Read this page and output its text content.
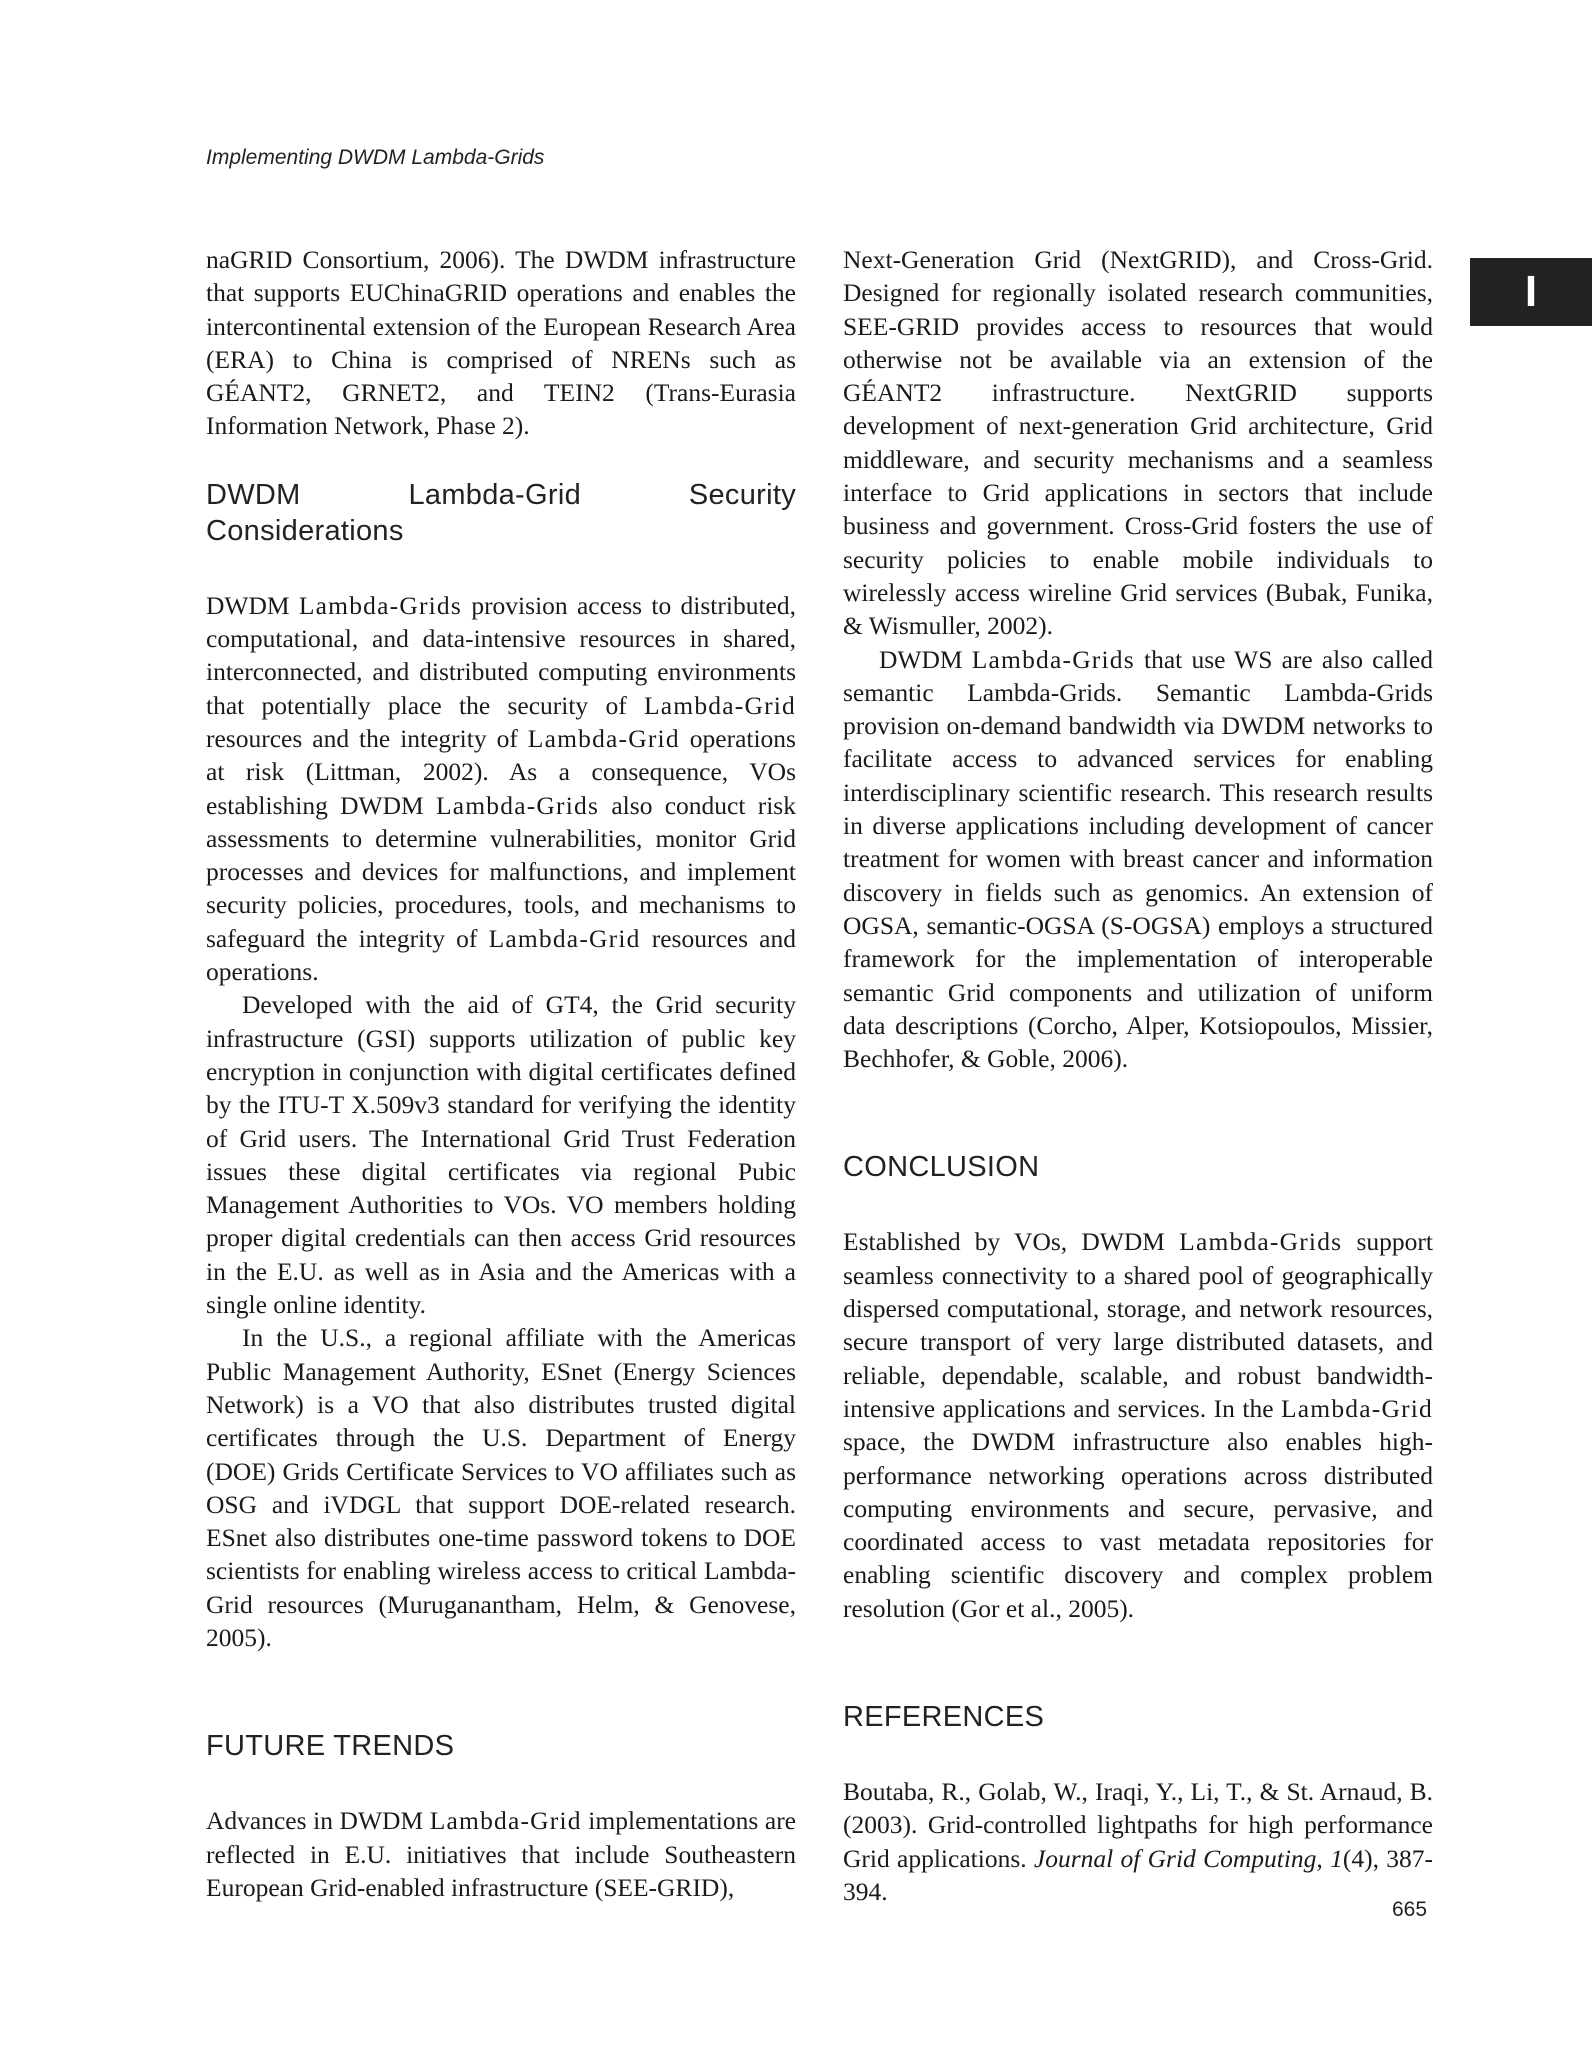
Implementing DWDM Lambda-Grids
I

naGRID Consortium, 2006). The DWDM infrastructure that supports EUChinaGRID operations and enables the intercontinental extension of the European Research Area (ERA) to China is comprised of NRENs such as GÉANT2, GRNET2, and TEIN2 (Trans-Eurasia Information Network, Phase 2).

DWDM Lambda-Grid Security Considerations

DWDM Lambda-Grids provision access to distributed, computational, and data-intensive resources in shared, interconnected, and distributed computing environments that potentially place the security of Lambda-Grid resources and the integrity of Lambda-Grid operations at risk (Littman, 2002). As a consequence, VOs establishing DWDM Lambda-Grids also conduct risk assessments to determine vulnerabilities, monitor Grid processes and devices for malfunctions, and implement security policies, procedures, tools, and mechanisms to safeguard the integrity of Lambda-Grid resources and operations.

Developed with the aid of GT4, the Grid security infrastructure (GSI) supports utilization of public key encryption in conjunction with digital certificates defined by the ITU-T X.509v3 standard for verifying the identity of Grid users. The International Grid Trust Federation issues these digital certificates via regional Pubic Management Authorities to VOs. VO members holding proper digital credentials can then access Grid resources in the E.U. as well as in Asia and the Americas with a single online identity.

In the U.S., a regional affiliate with the Americas Public Management Authority, ESnet (Energy Sciences Network) is a VO that also distributes trusted digital certificates through the U.S. Department of Energy (DOE) Grids Certificate Services to VO affiliates such as OSG and iVDGL that support DOE-related research. ESnet also distributes one-time password tokens to DOE scientists for enabling wireless access to critical Lambda-Grid resources (Muruganantham, Helm, & Genovese, 2005).

FUTURE TRENDS

Advances in DWDM Lambda-Grid implementations are reflected in E.U. initiatives that include Southeastern European Grid-enabled infrastructure (SEE-GRID),

Next-Generation Grid (NextGRID), and Cross-Grid. Designed for regionally isolated research communities, SEE-GRID provides access to resources that would otherwise not be available via an extension of the GÉANT2 infrastructure. NextGRID supports development of next-generation Grid architecture, Grid middleware, and security mechanisms and a seamless interface to Grid applications in sectors that include business and government. Cross-Grid fosters the use of security policies to enable mobile individuals to wirelessly access wireline Grid services (Bubak, Funika, & Wismuller, 2002).

DWDM Lambda-Grids that use WS are also called semantic Lambda-Grids. Semantic Lambda-Grids provision on-demand bandwidth via DWDM networks to facilitate access to advanced services for enabling interdisciplinary scientific research. This research results in diverse applications including development of cancer treatment for women with breast cancer and information discovery in fields such as genomics. An extension of OGSA, semantic-OGSA (S-OGSA) employs a structured framework for the implementation of interoperable semantic Grid components and utilization of uniform data descriptions (Corcho, Alper, Kotsiopoulos, Missier, Bechhofer, & Goble, 2006).

CONCLUSION

Established by VOs, DWDM Lambda-Grids support seamless connectivity to a shared pool of geographically dispersed computational, storage, and network resources, secure transport of very large distributed datasets, and reliable, dependable, scalable, and robust bandwidth-intensive applications and services. In the Lambda-Grid space, the DWDM infrastructure also enables high-performance networking operations across distributed computing environments and secure, pervasive, and coordinated access to vast metadata repositories for enabling scientific discovery and complex problem resolution (Gor et al., 2005).

REFERENCES

Boutaba, R., Golab, W., Iraqi, Y., Li, T., & St. Arnaud, B. (2003). Grid-controlled lightpaths for high performance Grid applications. Journal of Grid Computing, 1(4), 387-394.

665
